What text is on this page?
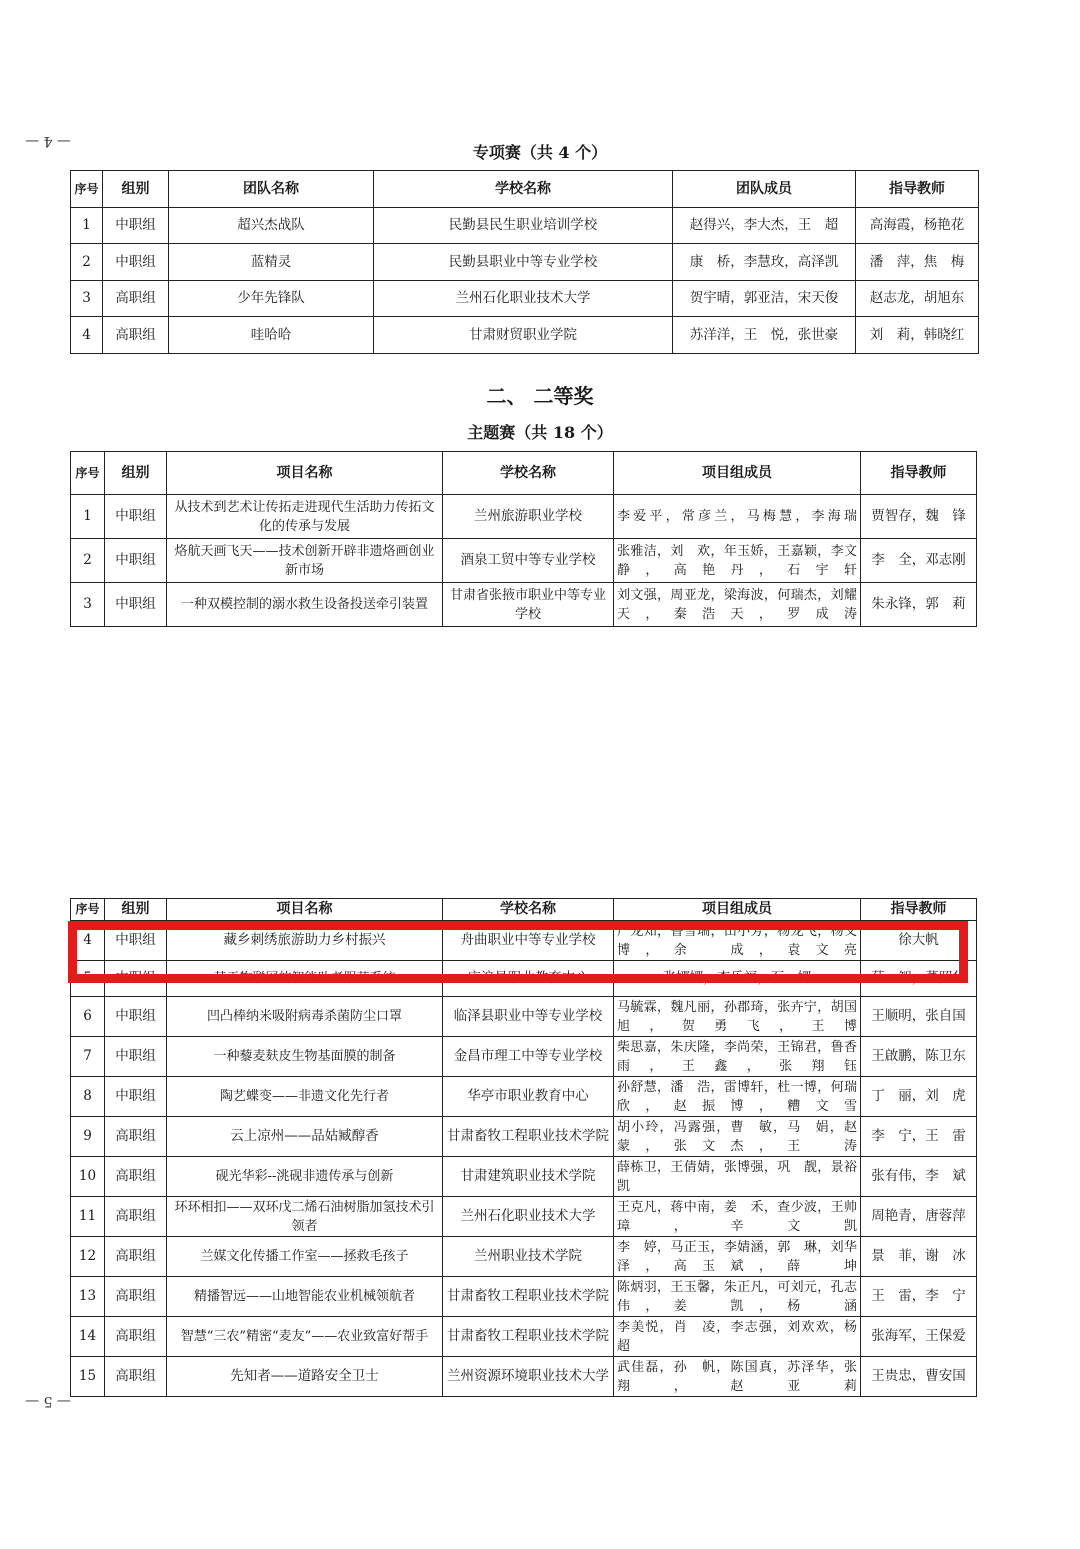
— 4 —
— 5 —
专项赛（共 4 个）
序号	组别	团队名称	学校名称	团队成员	指导教师
1	中职组	超兴杰战队	民勤县民生职业培训学校	赵得兴，李大杰，王　超	高海霞，杨艳花
2	中职组	蓝精灵	民勤县职业中等专业学校	康　桥，李慧玫，高泽凯	潘　萍，焦　梅
3	高职组	少年先锋队	兰州石化职业技术大学	贺宇晴，郭亚洁，宋天俊	赵志龙，胡旭东
4	高职组	哇哈哈	甘肃财贸职业学院	苏洋洋，王　悦，张世豪	刘　莉，韩晓红
二、 二等奖
主题赛（共 18 个）
序号	组别	项目名称	学校名称	项目组成员	指导教师
1	中职组	从技术到艺术让传拓走进现代生活助力传拓文化的传承与发展	兰州旅游职业学校	李爱平，常彦兰，马梅慧，李海瑞	贾智存，魏　锋
2	中职组	烙航天画飞天——技术创新开辟非遗烙画创业新市场	酒泉工贸中等专业学校	张雅洁，刘　欢，年玉娇，王嘉颖，李文静，高艳丹，石宇轩	李　全，邓志刚
3	中职组	一种双模控制的溺水救生设备投送牵引装置	甘肃省张掖市职业中等专业学校	刘文强，周亚龙，梁海波，何瑞杰，刘耀天，秦浩天，罗成涛	朱永锋，郭　莉
序号	组别	项目名称	学校名称	项目组成员	指导教师
4	中职组	藏乡刺绣旅游助力乡村振兴	舟曲职业中等专业学校	严龙知，鲁雪瑞，田小芳，杨龙飞，杨文博，余　成，袁文亮	徐大帆
5	中职组	基于物联网的智能助老服药系统	庄浪县职业教育中心	张娜娜，李乐福，石　娜	薛　智，董照华
6	中职组	凹凸棒纳米吸附病毒杀菌防尘口罩	临泽县职业中等专业学校	马毓霖，魏凡丽，孙郡琦，张卉宁，胡国旭，贺勇飞，王博	王顺明，张自国
7	中职组	一种藜麦麸皮生物基面膜的制备	金昌市理工中等专业学校	柴思嘉，朱庆隆，李尚荣，王锦君，鲁香雨，王鑫，张翔钰	王啟鹏，陈卫东
8	中职组	陶艺蝶变——非遗文化先行者	华亭市职业教育中心	孙舒慧，潘　浩，雷博轩，杜一博，何瑞欣，赵振博，糟文雪	丁　丽，刘　虎
9	高职组	云上凉州——品姑臧醇香	甘肃畜牧工程职业技术学院	胡小玲，冯露强，曹　敏，马　娟，赵　蒙，张文杰，王　涛	李　宁，王　雷
10	高职组	砚光华彩--洮砚非遗传承与创新	甘肃建筑职业技术学院	薛栋卫，王倩婧，张博强，巩　靓，景裕凯	张有伟，李　斌
11	高职组	环环相扣——双环戊二烯石油树脂加氢技术引领者	兰州石化职业技术大学	王克凡，蒋中南，姜　禾，查少波，王帅璋，辛文凯	周艳青，唐蓉萍
12	高职组	兰媒文化传播工作室——拯救毛孩子	兰州职业技术学院	李　婷，马正玉，李婧涵，郭　琳，刘华泽，高玉斌，薛　坤	景　菲，谢　冰
13	高职组	精播智远——山地智能农业机械领航者	甘肃畜牧工程职业技术学院	陈炳羽，王玉馨，朱正凡，可刘元，孔志伟，姜　凯，杨　涵	王　雷，李　宁
14	高职组	智慧“三农”精密“麦友”——农业致富好帮手	甘肃畜牧工程职业技术学院	李美悦，肖　凌，李志强，刘欢欢，杨　超	张海军，王保爱
15	高职组	先知者——道路安全卫士	兰州资源环境职业技术大学	武佳磊，孙　帆，陈国真，苏泽华，张　翔，赵亚莉	王贵忠，曹安国
